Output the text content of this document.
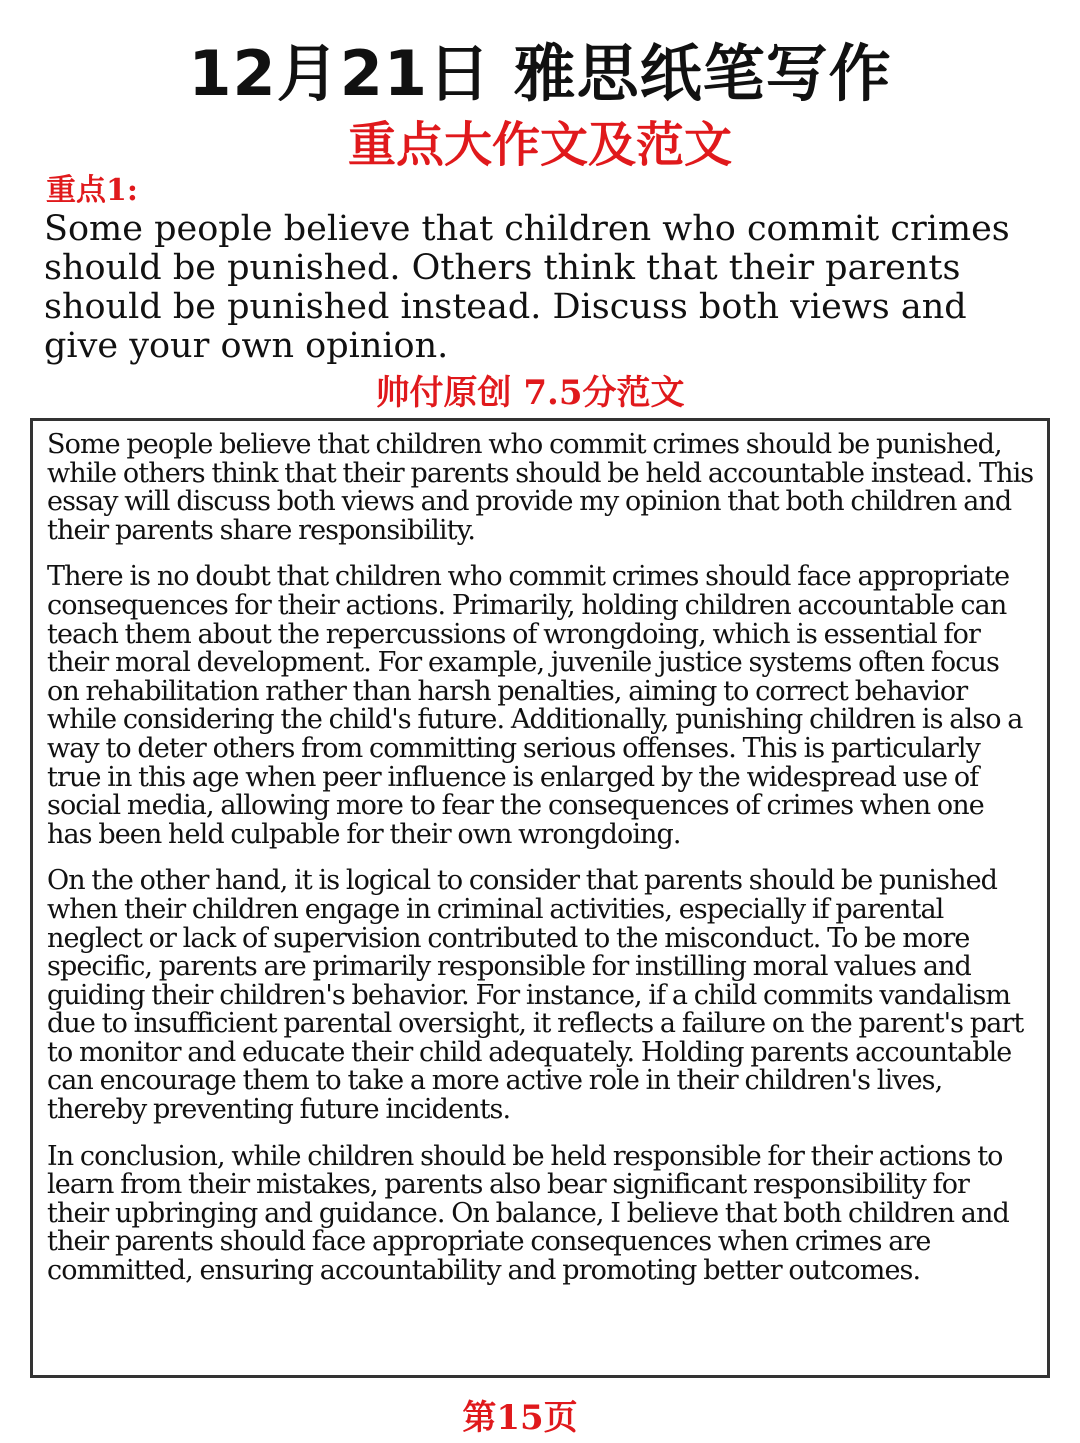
12月21日 雅思纸笔写作
重点大作文及范文
重点1:

Some people believe that children who commit crimes should be punished. Others think that their parents should be punished instead. Discuss both views and give your own opinion.

帅付原创 7.5分范文

Some people believe that children who commit crimes should be punished, while others think that their parents should be held accountable instead. This essay will discuss both views and provide my opinion that both children and their parents share responsibility.

There is no doubt that children who commit crimes should face appropriate consequences for their actions. Primarily, holding children accountable can teach them about the repercussions of wrongdoing, which is essential for their moral development. For example, juvenile justice systems often focus on rehabilitation rather than harsh penalties, aiming to correct behavior while considering the child's future. Additionally, punishing children is also a way to deter others from committing serious offenses. This is particularly true in this age when peer influence is enlarged by the widespread use of social media, allowing more to fear the consequences of crimes when one has been held culpable for their own wrongdoing.

On the other hand, it is logical to consider that parents should be punished when their children engage in criminal activities, especially if parental neglect or lack of supervision contributed to the misconduct. To be more specific, parents are primarily responsible for instilling moral values and guiding their children's behavior. For instance, if a child commits vandalism due to insufficient parental oversight, it reflects a failure on the parent's part to monitor and educate their child adequately. Holding parents accountable can encourage them to take a more active role in their children's lives, thereby preventing future incidents.

In conclusion, while children should be held responsible for their actions to learn from their mistakes, parents also bear significant responsibility for their upbringing and guidance. On balance, I believe that both children and their parents should face appropriate consequences when crimes are committed, ensuring accountability and promoting better outcomes.

第15页
